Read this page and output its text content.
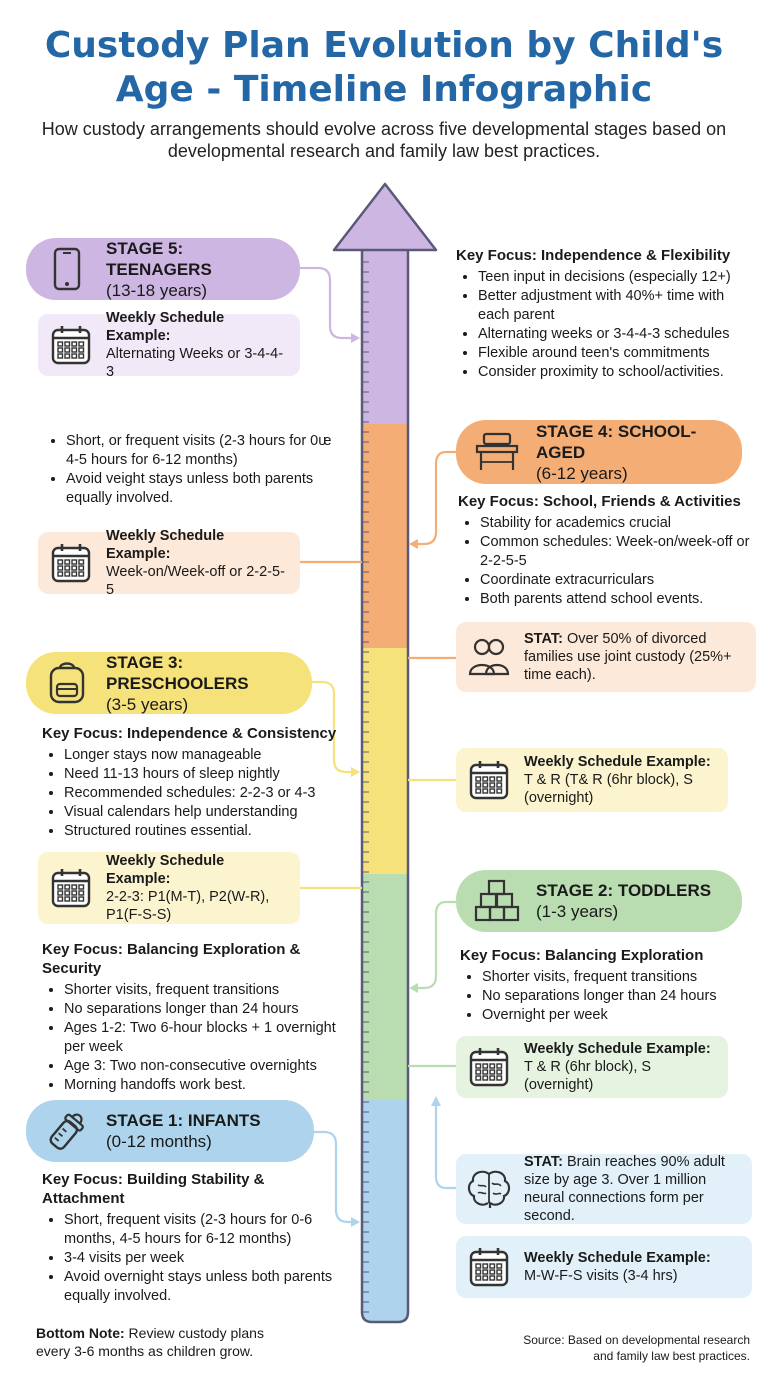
Custody Plan Evolution by Child's Age - Timeline Infographic
How custody arrangements should evolve across five developmental stages based on developmental research and family law best practices.
STAGE 5: TEENAGERS
(13-18 years)
Weekly Schedule Example:
Alternating Weeks or 3-4-4-3
Key Focus: Independence & Flexibility
• Teen input in decisions (especially 12+)
• Better adjustment with 40%+ time with each parent
• Alternating weeks or 3-4-4-3 schedules
• Flexible around teen's commitments
• Consider proximity to school/activities.
• Short, or frequent visits (2-3 hours for 0ᵫ 4-5 hours for 6-12 months)
• Avoid veight stays unless both parents equally involved.
STAGE 4: SCHOOL-AGED
(6-12 years)
Key Focus: School, Friends & Activities
• Stability for academics crucial
• Common schedules: Week-on/week-off or 2-2-5-5
• Coordinate extracurriculars
• Both parents attend school events.
Weekly Schedule Example:
Week-on/Week-off or 2-2-5-5
STAT: Over 50% of divorced families use joint custody (25%+ time each).
STAGE 3: PRESCHOOLERS
(3-5 years)
Key Focus: Independence & Consistency
• Longer stays now manageable
• Need 11-13 hours of sleep nightly
• Recommended schedules: 2-2-3 or 4-3
• Visual calendars help understanding
• Structured routines essential.
Weekly Schedule Example:
T & R (T& R (6hr block), S (overnight)
Weekly Schedule Example:
2-2-3: P1(M-T), P2(W-R), P1(F-S-S)
STAGE 2: TODDLERS
(1-3 years)
Key Focus: Balancing Exploration & Security
• Shorter visits, frequent transitions
• No separations longer than 24 hours
• Ages 1-2: Two 6-hour blocks + 1 overnight per week
• Age 3: Two non-consecutive overnights
• Morning handoffs work best.
Key Focus: Balancing Exploration
• Shorter visits, frequent transitions
• No separations longer than 24 hours
• Overnight per week
Weekly Schedule Example:
T & R (6hr block), S (overnight)
STAGE 1: INFANTS
(0-12 months)
Key Focus: Building Stability & Attachment
• Short, frequent visits (2-3 hours for 0-6 months, 4-5 hours for 6-12 months)
• 3-4 visits per week
• Avoid overnight stays unless both parents equally involved.
STAT: Brain reaches 90% adult size by age 3. Over 1 million neural connections form per second.
Weekly Schedule Example:
M-W-F-S visits (3-4 hrs)
Bottom Note: Review custody plans every 3-6 months as children grow.
Source: Based on developmental research and family law best practices.
